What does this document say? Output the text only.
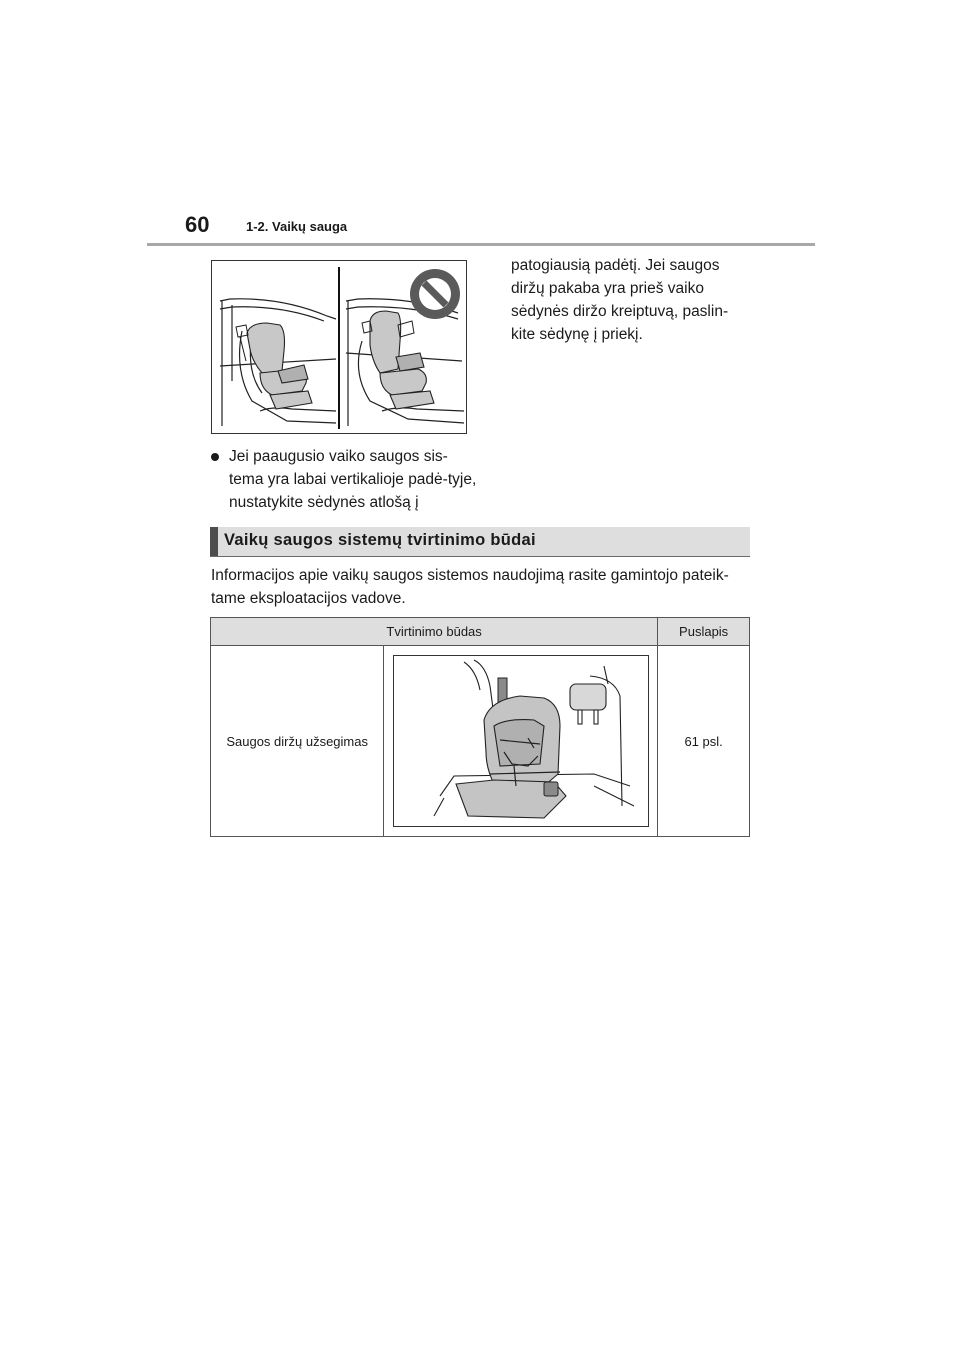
60	1-2. Vaikų sauga
Jei paaugusio vaiko saugos sis-tema yra labai vertikalioje padė-tyje, nustatykite sėdynės atlošą į
patogiausią padėtį. Jei saugos diržų pakaba yra prieš vaiko sėdynės diržo kreiptuvą, paslin-kite sėdynę į priekį.
Vaikų saugos sistemų tvirtinimo būdai
Informacijos apie vaikų saugos sistemos naudojimą rasite gamintojo pateik-tame eksploatacijos vadove.
Tvirtinimo būdas		Puslapis
Saugos diržų užsegimas		61 psl.
